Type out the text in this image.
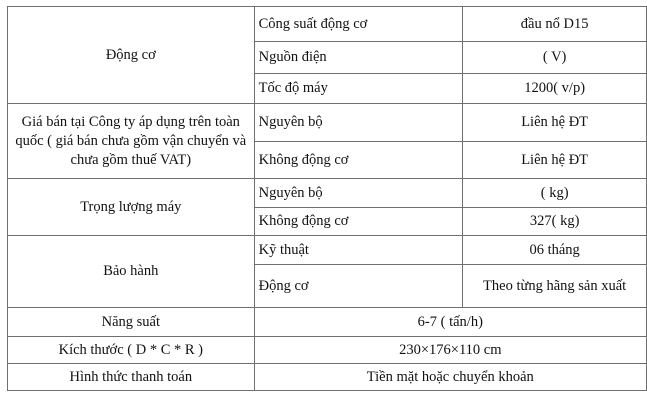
Động cơ	Công suất động cơ	đầu nổ D15
	Nguồn điện	( V)
	Tốc độ máy	1200( v/p)
Giá bán tại Công ty áp dụng trên toàn quốc ( giá bán chưa gồm vận chuyển và chưa gồm thuế VAT)	Nguyên bộ	Liên hệ ĐT
	Không động cơ	Liên hệ ĐT
Trọng lượng máy	Nguyên bộ	( kg)
	Không động cơ	327( kg)
Bảo hành	Kỹ thuật	06 tháng
	Động cơ	Theo từng hãng sản xuất
Năng suất	6-7 ( tấn/h)	
Kích thước ( D * C * R )	230×176×110 cm	
Hình thức thanh toán	Tiền mặt hoặc chuyển khoản	
